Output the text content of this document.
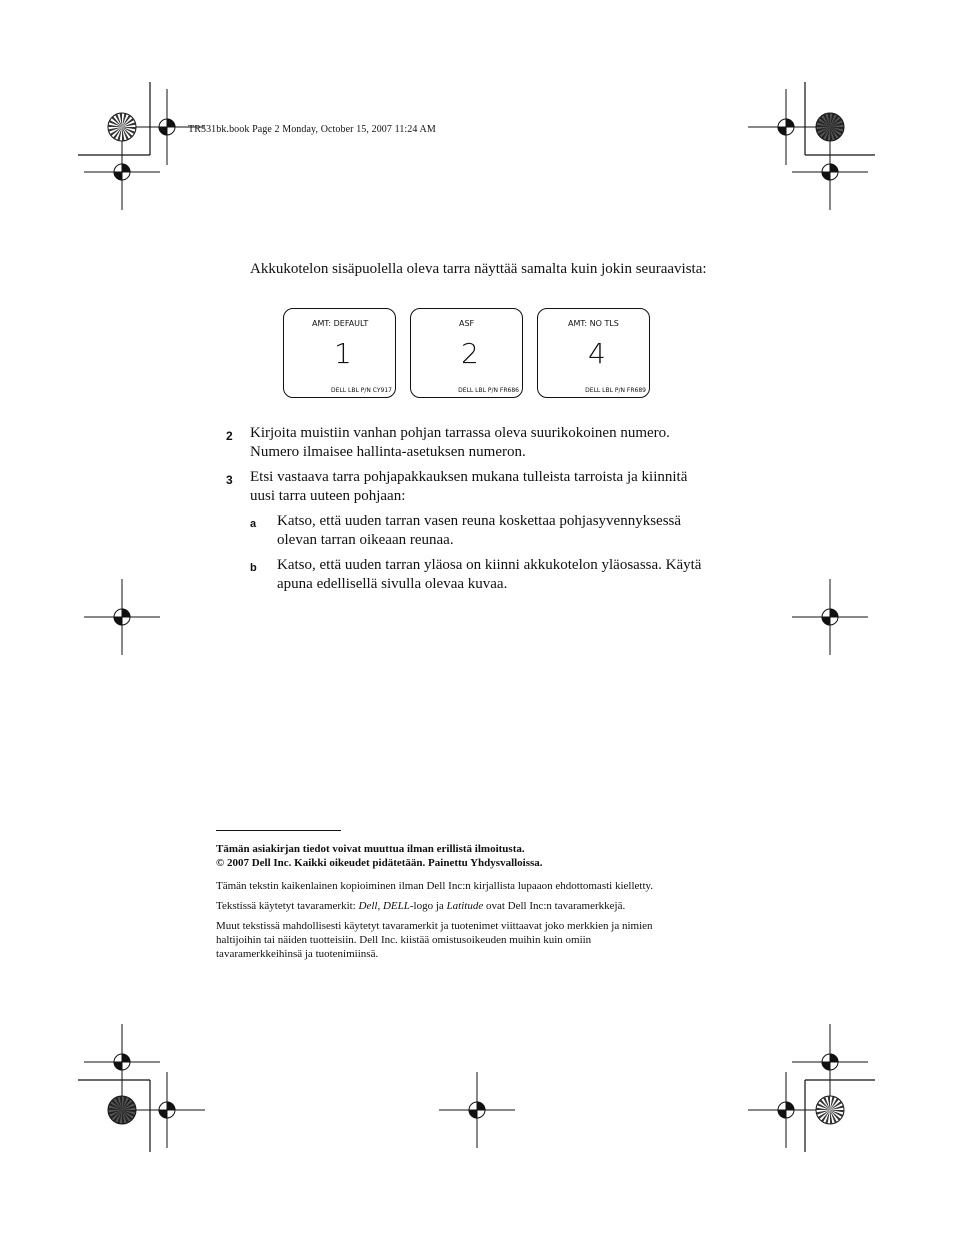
TR531bk.book Page 2 Monday, October 15, 2007 11:24 AM
Akkukotelon sisäpuolella oleva tarra näyttää samalta kuin jokin seuraavista:
AMT: DEFAULT
1
DELL LBL P/N CY917
ASF
2
DELL LBL P/N FR686
AMT: NO TLS
4
DELL LBL P/N FR689
2 Kirjoita muistiin vanhan pohjan tarrassa oleva suurikokoinen numero.
Numero ilmaisee hallinta-asetuksen numeron.
3 Etsi vastaava tarra pohjapakkauksen mukana tulleista tarroista ja kiinnitä
uusi tarra uuteen pohjaan:
a Katso, että uuden tarran vasen reuna koskettaa pohjasyvennyksessä
olevan tarran oikeaan reunaa.
b Katso, että uuden tarran yläosa on kiinni akkukotelon yläosassa. Käytä
apuna edellisellä sivulla olevaa kuvaa.
Tämän asiakirjan tiedot voivat muuttua ilman erillistä ilmoitusta.
© 2007 Dell Inc. Kaikki oikeudet pidätetään. Painettu Yhdysvalloissa.
Tämän tekstin kaikenlainen kopioiminen ilman Dell Inc:n kirjallista lupaaon ehdottomasti kielletty.
Tekstissä käytetyt tavaramerkit: Dell, DELL-logo ja Latitude ovat Dell Inc:n tavaramerkkejä.
Muut tekstissä mahdollisesti käytetyt tavaramerkit ja tuotenimet viittaavat joko merkkien ja nimien
haltijoihin tai näiden tuotteisiin. Dell Inc. kiistää omistusoikeuden muihin kuin omiin
tavaramerkkeihinsä ja tuotenimiinsä.
